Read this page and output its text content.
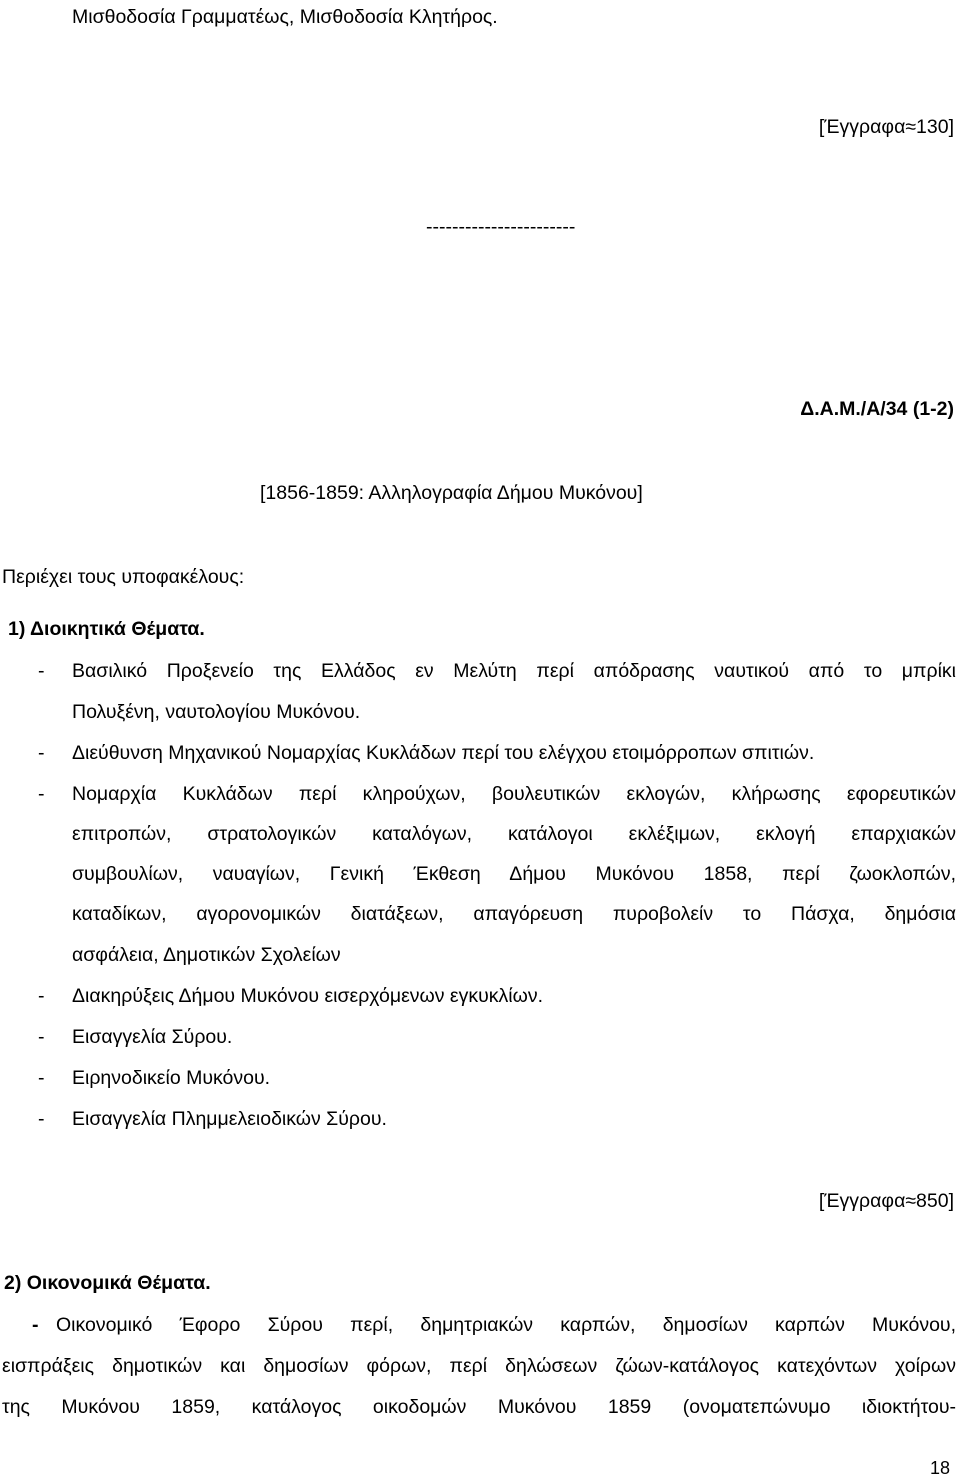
Μισθοδοσία Γραμματέως, Μισθοδοσία Κλητήρος.
[Έγγραφα≈130]
-----------------------
Δ.Α.Μ./Α/34 (1-2)
[1856-1859: Αλληλογραφία Δήμου Μυκόνου]
Περιέχει τους υποφακέλους:
1) Διοικητικά Θέματα.
- Βασιλικό Προξενείο της Ελλάδος εν Μελύτη περί απόδρασης ναυτικού από το μπρίκι
Πολυξένη, ναυτολογίου Μυκόνου.
- Διεύθυνση Μηχανικού Νομαρχίας Κυκλάδων περί του ελέγχου ετοιμόρροπων σπιτιών.
- Νομαρχία Κυκλάδων περί κληρούχων, βουλευτικών εκλογών, κλήρωσης εφορευτικών
επιτροπών, στρατολογικών καταλόγων, κατάλογοι εκλέξιμων, εκλογή επαρχιακών
συμβουλίων, ναυαγίων, Γενική Έκθεση Δήμου Μυκόνου 1858, περί ζωοκλοπών,
καταδίκων, αγορονομικών διατάξεων, απαγόρευση πυροβολείν το Πάσχα, δημόσια
ασφάλεια, Δημοτικών Σχολείων
- Διακηρύξεις Δήμου Μυκόνου εισερχόμενων εγκυκλίων.
- Εισαγγελία Σύρου.
- Ειρηνοδικείο Μυκόνου.
- Εισαγγελία Πλημμελειοδικών Σύρου.
[Έγγραφα≈850]
2) Οικονομικά Θέματα.
- Οικονομικό Έφορο Σύρου περί, δημητριακών καρπών, δημοσίων καρπών Μυκόνου,
εισπράξεις δημοτικών και δημοσίων φόρων, περί δηλώσεων ζώων-κατάλογος κατεχόντων χοίρων
της Μυκόνου 1859, κατάλογος οικοδομών Μυκόνου 1859 (ονοματεπώνυμο ιδιοκτήτου-
18
